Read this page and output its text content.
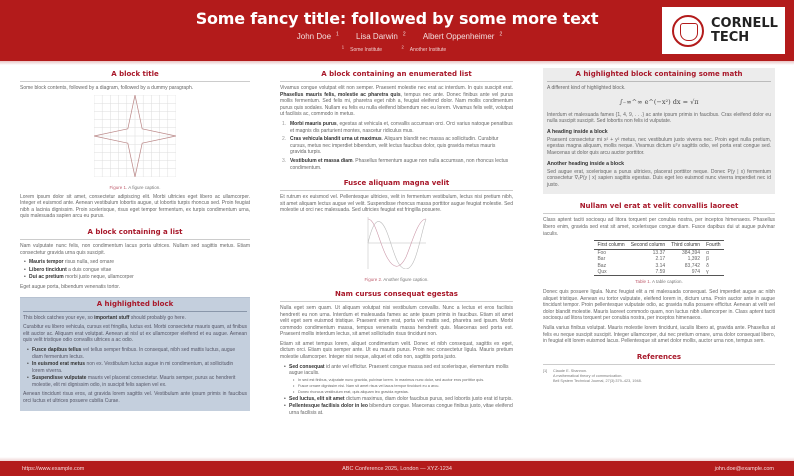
Some fancy title: followed by some more text
John Doe $^1$ Lisa Darwin $^2$ Albert Oppenheimer $^2$
$^1$Some Institute $^2$Another Institute
CORNELL
TECH
A block title
Some block contents, followed by a diagram, followed by a dummy paragraph.
Figure 1. A figure caption.
Lorem ipsum dolor sit amet, consectetur adipiscing elit. Morbi ultricies eget libero ac ullamcorper. Integer et euismod ante. Aenean vestibulum lobortis augue, ut lobortis turpis rhoncus sed. Proin feugiat nibh a lacinia dignissim. Proin scelerisque, risus eget tempor fermentum, ex turpis condimentum urna, quis malesuada sapien arcu eu purus.
A block containing a list
Nam vulputate nunc felis, non condimentum lacus porta ultrices. Nullam sed sagittis metus. Etiam consectetur gravida urna quis suscipit.
• Mauris tempor risus nulla, sed ornare
• Libero tincidunt a duis congue vitae
• Dui ac pretium morbi justo neque, ullamcorper
Eget augue porta, bibendum venenatis tortor.
A highlighted block
This block catches your eye, so important stuff should probably go here.
Curabitur eu libero vehicula, cursus est fringilla, luctus est. Morbi consectetur mauris quam, at finibus elit auctor ac. Aliquam erat volutpat. Aenean at nisl ut ex ullamcorper eleifend et eu augue. Aenean quis velit tristique odio convallis ultrices a ac odio.
• Fusce dapibus tellus vel tellus semper finibus. In consequat, nibh sed mattis luctus, augue diam fermentum lectus.
• In euismod erat metus non ex. Vestibulum luctus augue in mi condimentum, at sollicitudin lorem viverra.
• Suspendisse vulputate mauris vel placerat consectetur. Mauris semper, purus ac hendrerit molestie, elit mi dignissim odio, in suscipit felis sapien vel ex.
Aenean tincidunt risus eros, at gravida lorem sagittis vel. Vestibulum ante ipsum primis in faucibus orci luctus et ultrices posuere cubilia Curae.
A block containing an enumerated list
Vivamus congue volutpat elit non semper. Praesent molestie nec erat ac interdum. In quis suscipit erat. Phasellus mauris felis, molestie ac pharetra quis, tempus nec ante. Donec finibus ante vel purus mollis fermentum. Sed felis mi, pharetra eget nibh a, feugiat eleifend dolor. Nam mollis condimentum purus quis sodales. Nullam eu felis eu nulla eleifend bibendum nec eu lorem. Vivamus felis velit, volutpat ut facilisis ac, commodo in metus.
1. Morbi mauris purus, egestas at vehicula et, convallis accumsan orci. Orci varius natoque penatibus et magnis dis parturient montes, nascetur ridiculus mus.
2. Cras vehicula blandit urna ut maximus. Aliquam blandit nec massa ac sollicitudin. Curabitur cursus, metus nec imperdiet bibendum, velit lectus faucibus dolor, quis gravida metus mauris gravida turpis.
3. Vestibulum et massa diam. Phasellus fermentum augue non nulla accumsan, non rhoncus lectus condimentum.
Fusce aliquam magna velit
Et rutrum ex euismod vel. Pellentesque ultricies, velit in fermentum vestibulum, lectus nisi pretium nibh, sit amet aliquam lectus augue vel velit. Suspendisse rhoncus massa porttitor augue feugiat molestie. Sed molestie ut orci nec malesuada. Sed ultricies feugiat est fringilla posuere.
Figure 2. Another figure caption.
Nam cursus consequat egestas
Nulla eget sem quam. Ut aliquam volutpat nisi vestibulum convallis. Nunc a lectus et eros facilisis hendrerit eu non urna. Interdum et malesuada fames ac ante ipsum primis in faucibus. Etiam sit amet velit eget sem euismod tristique. Praesent enim erat, porta vel mattis sed, pharetra sed ipsum. Morbi commodo condimentum massa, tempus venenatis massa hendrerit quis. Maecenas sed porta est. Praesent mollis interdum lectus, sit amet sollicitudin risus tincidunt non.
Etiam sit amet tempus lorem, aliquet condimentum velit. Donec et nibh consequat, sagittis ex eget, dictum orci. Etiam quis semper ante. Ut eu mauris purus. Proin nec consectetur ligula. Mauris pretium molestie ullamcorper. Integer nisi neque, aliquet et odio non, sagittis porta justo.
• Sed consequat id ante vel efficitur. Praesent congue massa sed est scelerisque, elementum mollis augue iaculis.
• In sed est finibus, vulputate nunc gravida, pulvinar lorem. In maximus nunc dolor, sed auctor eros porttitor quis.
• Fusce ornare dignissim nisi. Nam sit amet risus vel lacus tempor tincidunt eu a arcu.
• Donec rhoncus vestibulum erat, quis aliquam leo gravida egestas.
• Sed luctus, elit sit amet dictum maximus, diam dolor faucibus purus, sed lobortis justo erat id turpis.
• Pellentesque facilisis dolor in leo bibendum congue. Maecenas congue finibus justo, vitae eleifend urna facilisis at.
A highlighted block containing some math
A different kind of highlighted block.
∫₋∞^∞ e^(−x²) dx = √π
Interdum et malesuada fames {1, 4, 9, . . .} ac ante ipsum primis in faucibus. Cras eleifend dolor eu nulla suscipit suscipit. Sed lobortis non felis id vulputate.
A heading inside a block
Praesent consectetur mi x² + y² metus, nec vestibulum justo viverra nec. Proin eget nulla pretium, egestas magna aliquam, mollis neque. Vivamus dictum uᵀv sagittis odio, vel porta erat congue sed. Maecenas ut dolor quis arcu auctor porttitor.
Another heading inside a block
Sed augue erat, scelerisque a purus ultricies, placerat porttitor neque. Donec P(y | x) fermentum consectetur ∇ₓP(y | x) sapien sagittis egestas. Duis eget leo euismod nunc viverra imperdiet nec id justo.
Nullam vel erat at velit convallis laoreet
Class aptent taciti sociosqu ad litora torquent per conubia nostra, per inceptos himenaeos. Phasellus libero enim, gravida sed erat sit amet, scelerisque congue diam. Fusce dapibus dui ut augue pulvinar iaculis.
First column	Second column	Third column	Fourth
Foo	13.37	384,394	α
Bar	2.17	1,392	β
Baz	3.14	83,742	δ
Qux	7.59	974	γ
Table 1. A table caption.
Donec quis posuere ligula. Nunc feugiat elit a mi malesuada consequat. Sed imperdiet augue ac nibh aliquet tristique. Aenean eu tortor vulputate, eleifend lorem in, dictum urna. Proin auctor ante in augue tincidunt tempor. Proin pellentesque vulputate odio, ac gravida nulla posuere efficitur. Aenean at velit vel dolor blandit molestie. Mauris laoreet commodo quam, non luctus nibh ullamcorper in. Class aptent taciti sociosqu ad litora torquent per conubia nostra, per inceptos himenaeos.
Nulla varius finibus volutpat. Mauris molestie lorem tincidunt, iaculis libero at, gravida ante. Phasellus at felis eu neque suscipit suscipit. Integer ullamcorper, dui nec pretium ornare, urna dolor consequat libero, in feugiat elit lorem euismod lacus. Pellentesque sit amet dolor mollis, auctor urna non, tempus sem.
References
[1]	Claude E. Shannon.
A mathematical theory of communication.
Bell System Technical Journal, 27(3):379–423, 1948.
https://www.example.com	ABC Conference 2025, London — XYZ-1234	john.doe@example.com
